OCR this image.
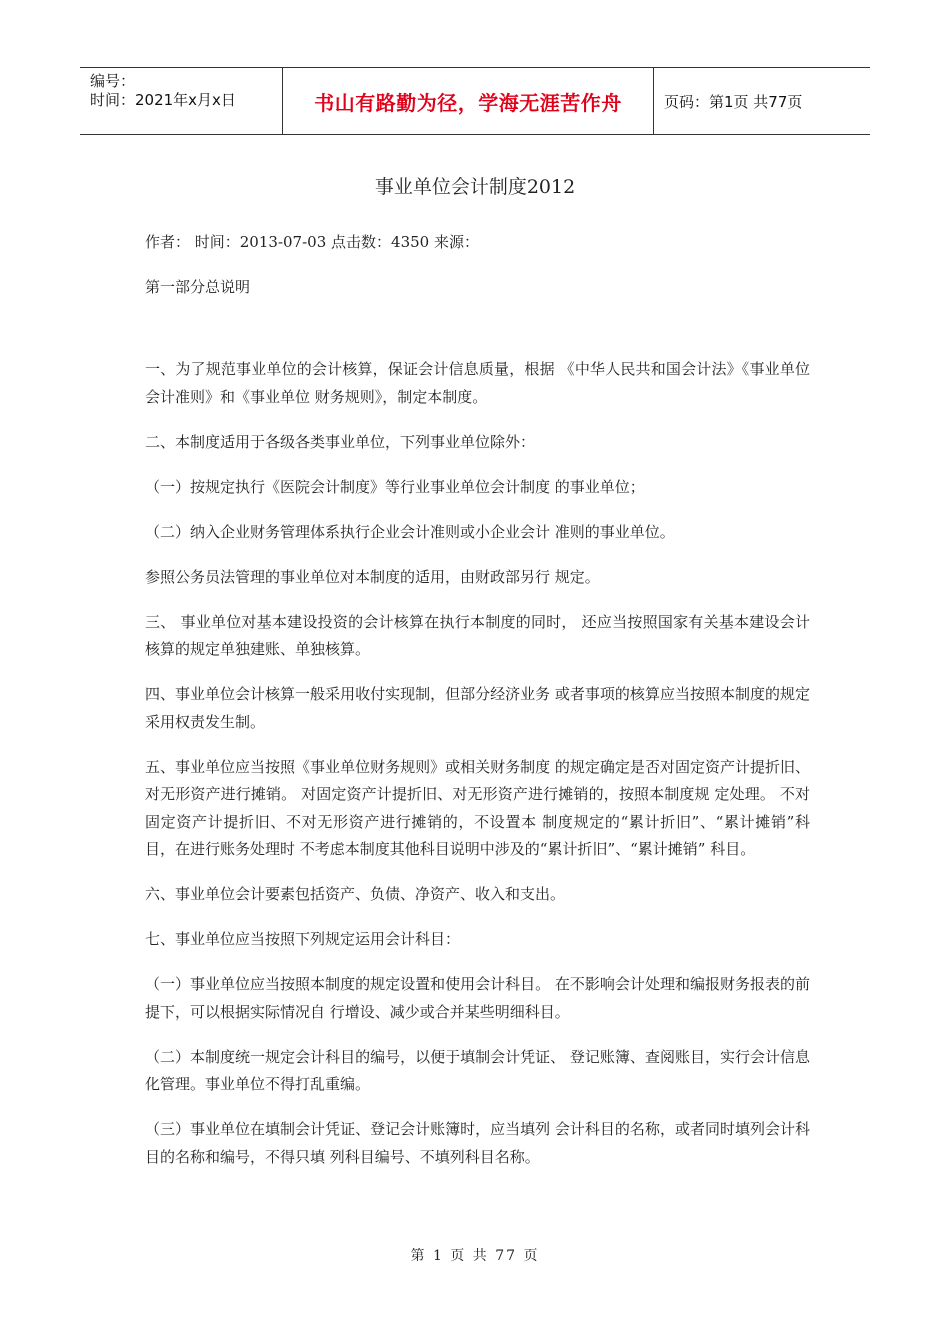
编号：
时间：2021年x月x日	书山有路勤为径，学海无涯苦作舟	页码：第1页 共77页
事业单位会计制度2012
作者： 时间：2013-07-03 点击数：4350 来源：
第一部分总说明

一、为了规范事业单位的会计核算，保证会计信息质量，根据 《中华人民共和国会计法》《事业单位会计准则》和《事业单位 财务规则》，制定本制度。

二、本制度适用于各级各类事业单位，下列事业单位除外：

（一）按规定执行《医院会计制度》等行业事业单位会计制度 的事业单位；

（二）纳入企业财务管理体系执行企业会计准则或小企业会计 准则的事业单位。

参照公务员法管理的事业单位对本制度的适用，由财政部另行 规定。

三、 事业单位对基本建设投资的会计核算在执行本制度的同时， 还应当按照国家有关基本建设会计核算的规定单独建账、单独核算。

四、事业单位会计核算一般采用收付实现制，但部分经济业务 或者事项的核算应当按照本制度的规定采用权责发生制。

五、事业单位应当按照《事业单位财务规则》或相关财务制度 的规定确定是否对固定资产计提折旧、对无形资产进行摊销。 对固定资产计提折旧、对无形资产进行摊销的，按照本制度规 定处理。 不对固定资产计提折旧、不对无形资产进行摊销的，不设置本 制度规定的“累计折旧”、“累计摊销”科目，在进行账务处理时 不考虑本制度其他科目说明中涉及的“累计折旧”、“累计摊销” 科目。

六、事业单位会计要素包括资产、负债、净资产、收入和支出。

七、事业单位应当按照下列规定运用会计科目：

（一）事业单位应当按照本制度的规定设置和使用会计科目。 在不影响会计处理和编报财务报表的前提下，可以根据实际情况自 行增设、减少或合并某些明细科目。

（二）本制度统一规定会计科目的编号，以便于填制会计凭证、 登记账簿、查阅账目，实行会计信息化管理。事业单位不得打乱重编。

（三）事业单位在填制会计凭证、登记会计账簿时，应当填列 会计科目的名称，或者同时填列会计科目的名称和编号，不得只填 列科目编号、不填列科目名称。

第 1 页 共 77 页
